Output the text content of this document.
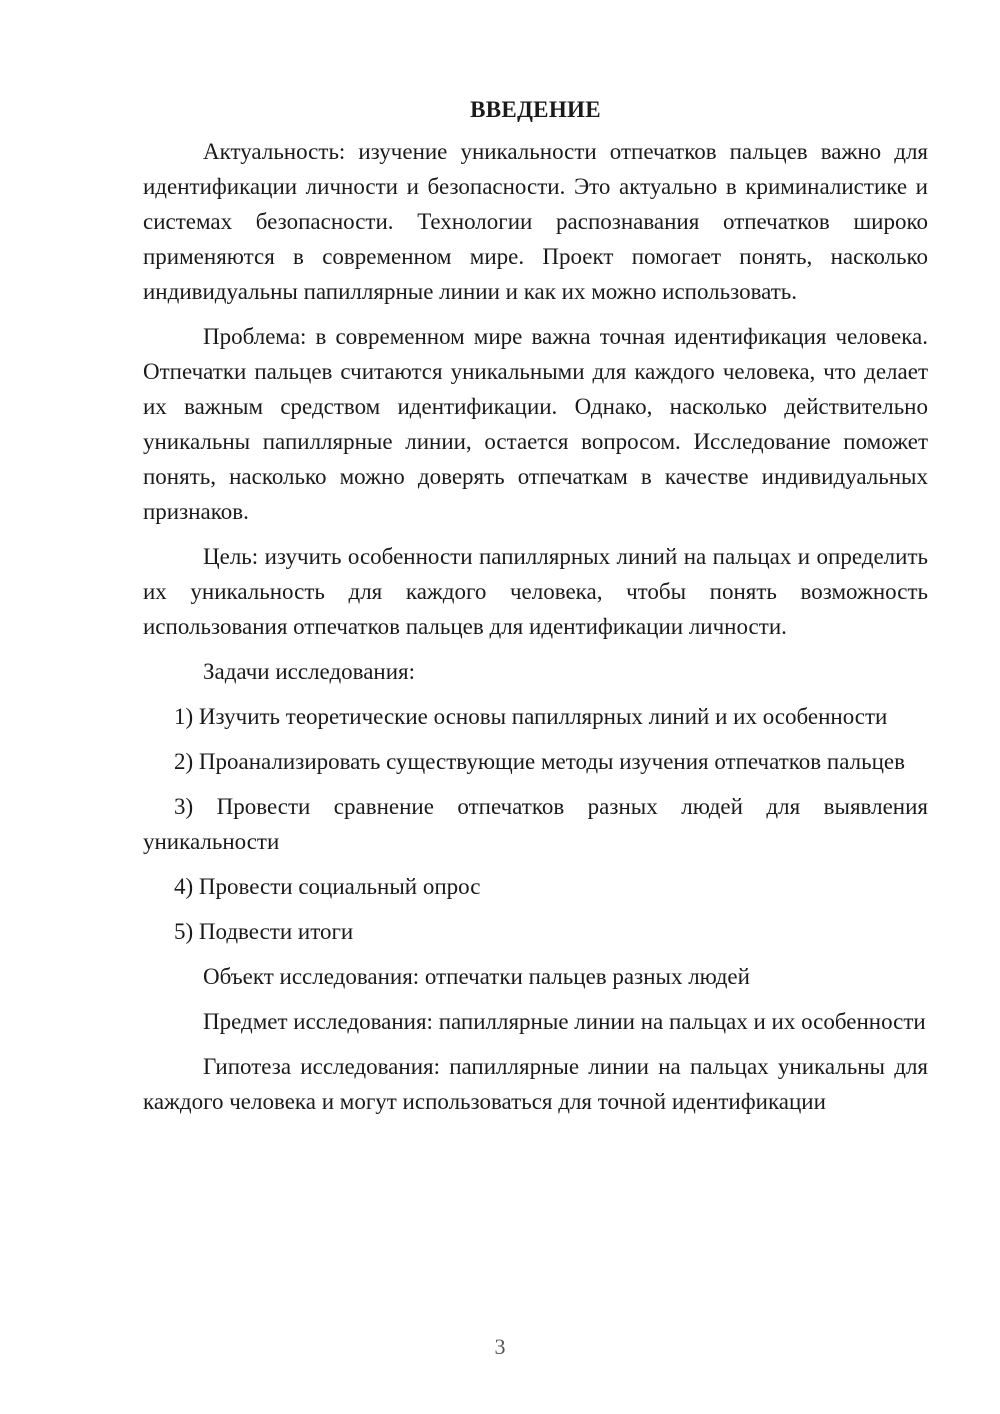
ВВЕДЕНИЕ

Актуальность: изучение уникальности отпечатков пальцев важно для идентификации личности и безопасности. Это актуально в криминалистике и системах безопасности. Технологии распознавания отпечатков широко применяются в современном мире. Проект помогает понять, насколько индивидуальны папиллярные линии и как их можно использовать.

Проблема: в современном мире важна точная идентификация человека. Отпечатки пальцев считаются уникальными для каждого человека, что делает их важным средством идентификации. Однако, насколько действительно уникальны папиллярные линии, остается вопросом. Исследование поможет понять, насколько можно доверять отпечаткам в качестве индивидуальных признаков.

Цель: изучить особенности папиллярных линий на пальцах и определить их уникальность для каждого человека, чтобы понять возможность использования отпечатков пальцев для идентификации личности.

Задачи исследования:

1) Изучить теоретические основы папиллярных линий и их особенности

2) Проанализировать существующие методы изучения отпечатков пальцев

3) Провести сравнение отпечатков разных людей для выявления уникальности

4) Провести социальный опрос

5) Подвести итоги

Объект исследования: отпечатки пальцев разных людей

Предмет исследования: папиллярные линии на пальцах и их особенности

Гипотеза исследования: папиллярные линии на пальцах уникальны для каждого человека и могут использоваться для точной идентификации

3
